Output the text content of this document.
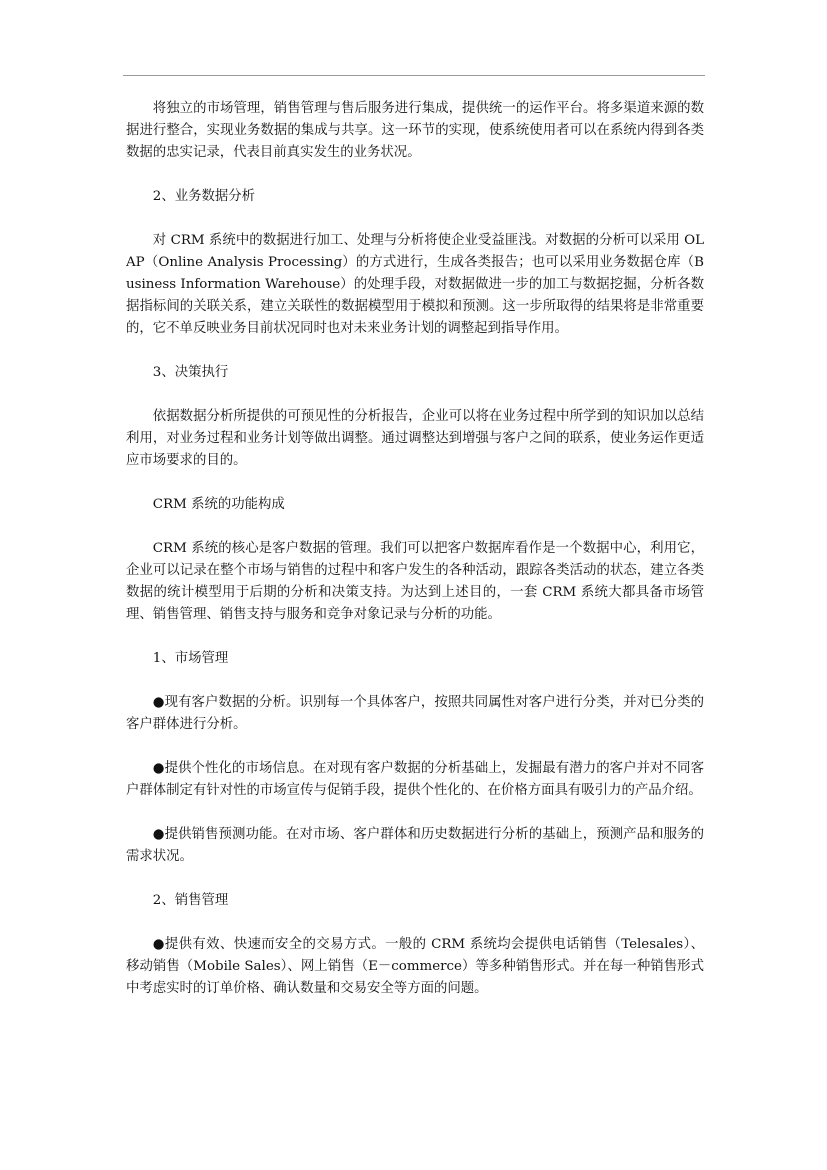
将独立的市场管理，销售管理与售后服务进行集成，提供统一的运作平台。将多渠道来源的数据进行整合，实现业务数据的集成与共享。这一环节的实现，使系统使用者可以在系统内得到各类数据的忠实记录，代表目前真实发生的业务状况。

2、业务数据分析

对 CRM 系统中的数据进行加工、处理与分析将使企业受益匪浅。对数据的分析可以采用 OLAP（Online Analysis Processing）的方式进行，生成各类报告；也可以采用业务数据仓库（Business Information Warehouse）的处理手段，对数据做进一步的加工与数据挖掘，分析各数据指标间的关联关系，建立关联性的数据模型用于模拟和预测。这一步所取得的结果将是非常重要的，它不单反映业务目前状况同时也对未来业务计划的调整起到指导作用。

3、决策执行

依据数据分析所提供的可预见性的分析报告，企业可以将在业务过程中所学到的知识加以总结利用，对业务过程和业务计划等做出调整。通过调整达到增强与客户之间的联系，使业务运作更适应市场要求的目的。

CRM 系统的功能构成

CRM 系统的核心是客户数据的管理。我们可以把客户数据库看作是一个数据中心，利用它，企业可以记录在整个市场与销售的过程中和客户发生的各种活动，跟踪各类活动的状态，建立各类数据的统计模型用于后期的分析和决策支持。为达到上述目的，一套 CRM 系统大都具备市场管理、销售管理、销售支持与服务和竞争对象记录与分析的功能。

1、市场管理

●现有客户数据的分析。识别每一个具体客户，按照共同属性对客户进行分类，并对已分类的客户群体进行分析。

●提供个性化的市场信息。在对现有客户数据的分析基础上，发掘最有潜力的客户并对不同客户群体制定有针对性的市场宣传与促销手段，提供个性化的、在价格方面具有吸引力的产品介绍。

●提供销售预测功能。在对市场、客户群体和历史数据进行分析的基础上，预测产品和服务的需求状况。

2、销售管理

●提供有效、快速而安全的交易方式。一般的 CRM 系统均会提供电话销售（Telesales）、移动销售（Mobile Sales）、网上销售（E－commerce）等多种销售形式。并在每一种销售形式中考虑实时的订单价格、确认数量和交易安全等方面的问题。
